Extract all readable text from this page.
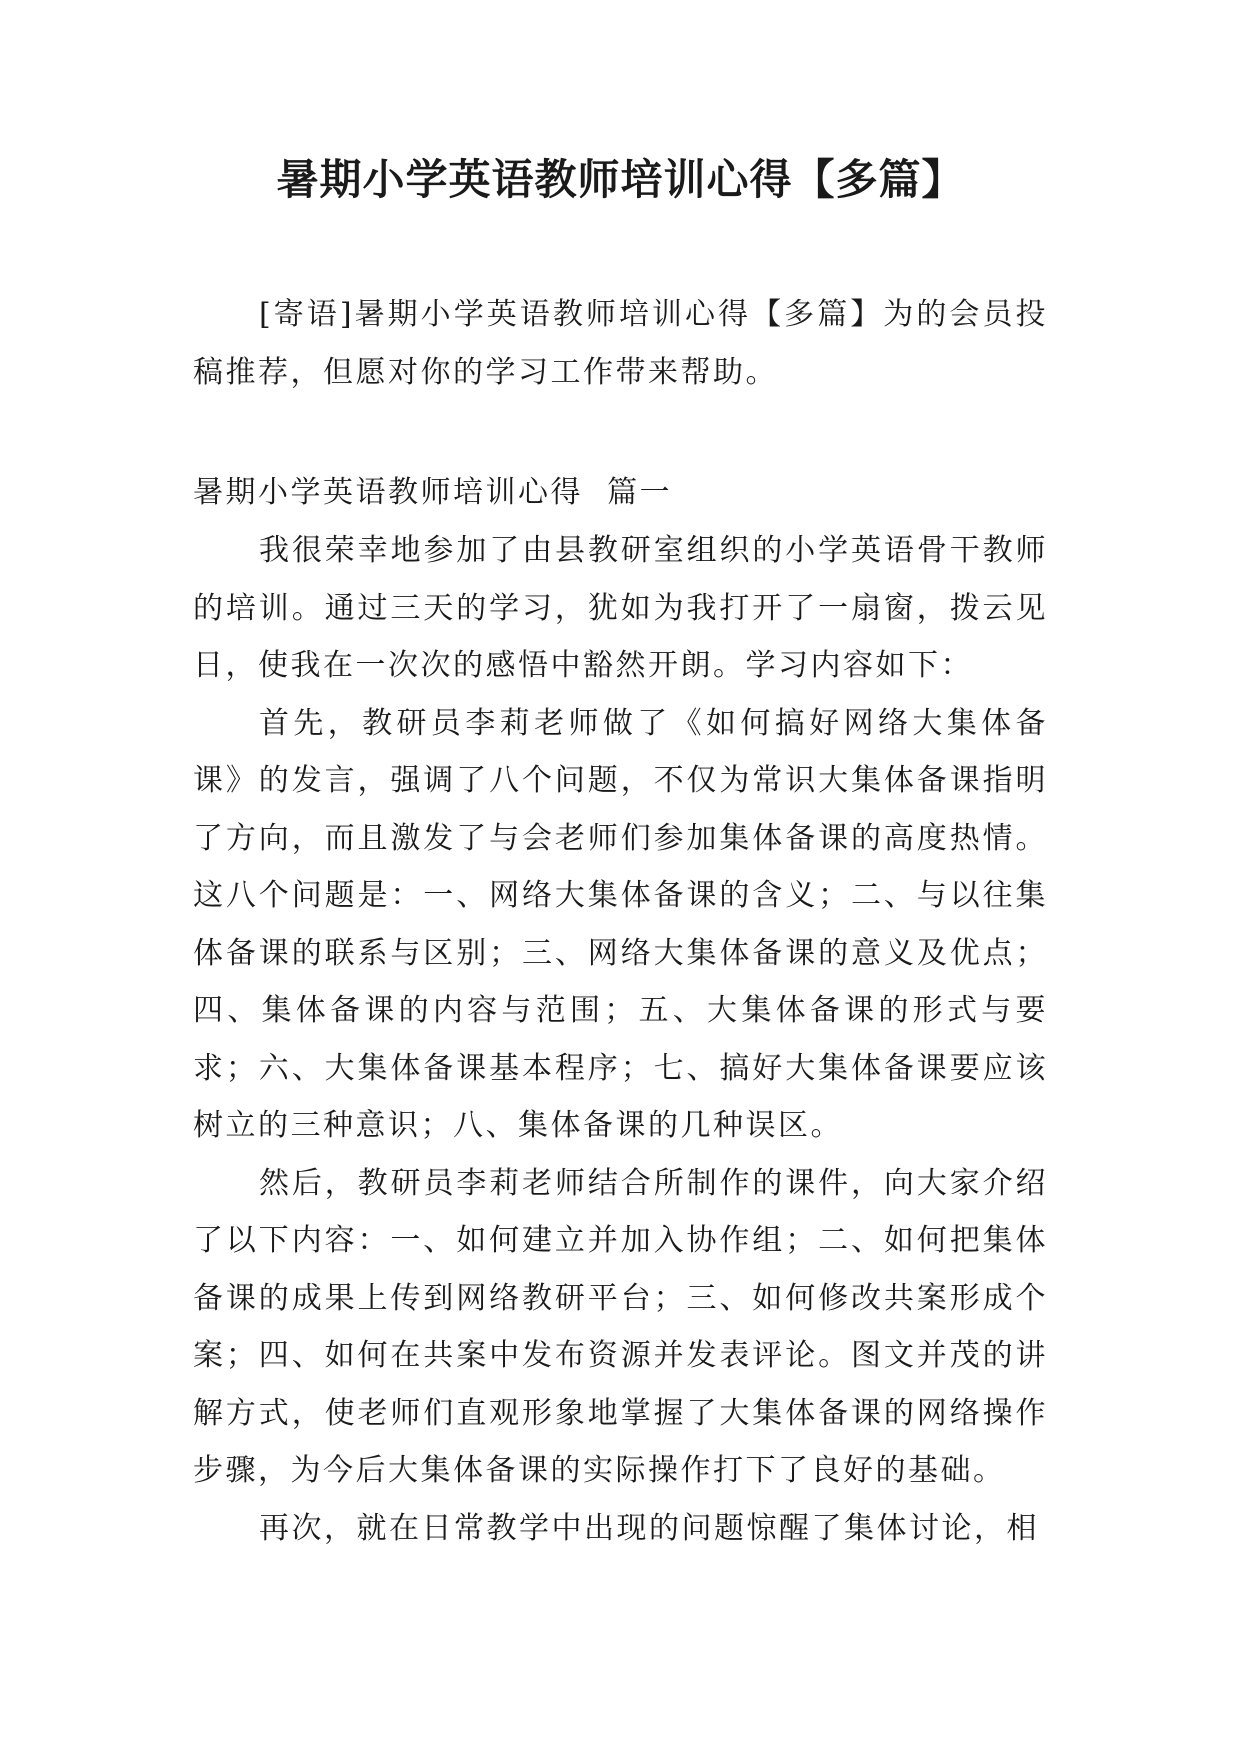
暑期小学英语教师培训心得【多篇】

[寄语]暑期小学英语教师培训心得【多篇】为的会员投稿推荐，但愿对你的学习工作带来帮助。

暑期小学英语教师培训心得  篇一

我很荣幸地参加了由县教研室组织的小学英语骨干教师的培训。通过三天的学习，犹如为我打开了一扇窗，拨云见日，使我在一次次的感悟中豁然开朗。学习内容如下：

首先，教研员李莉老师做了《如何搞好网络大集体备课》的发言，强调了八个问题，不仅为常识大集体备课指明了方向，而且激发了与会老师们参加集体备课的高度热情。这八个问题是：一、网络大集体备课的含义；二、与以往集体备课的联系与区别；三、网络大集体备课的意义及优点；四、集体备课的内容与范围；五、大集体备课的形式与要求；六、大集体备课基本程序；七、搞好大集体备课要应该树立的三种意识；八、集体备课的几种误区。

然后，教研员李莉老师结合所制作的课件，向大家介绍了以下内容：一、如何建立并加入协作组；二、如何把集体备课的成果上传到网络教研平台；三、如何修改共案形成个案；四、如何在共案中发布资源并发表评论。图文并茂的讲解方式，使老师们直观形象地掌握了大集体备课的网络操作步骤，为今后大集体备课的实际操作打下了良好的基础。

再次，就在日常教学中出现的问题惊醒了集体讨论，相
